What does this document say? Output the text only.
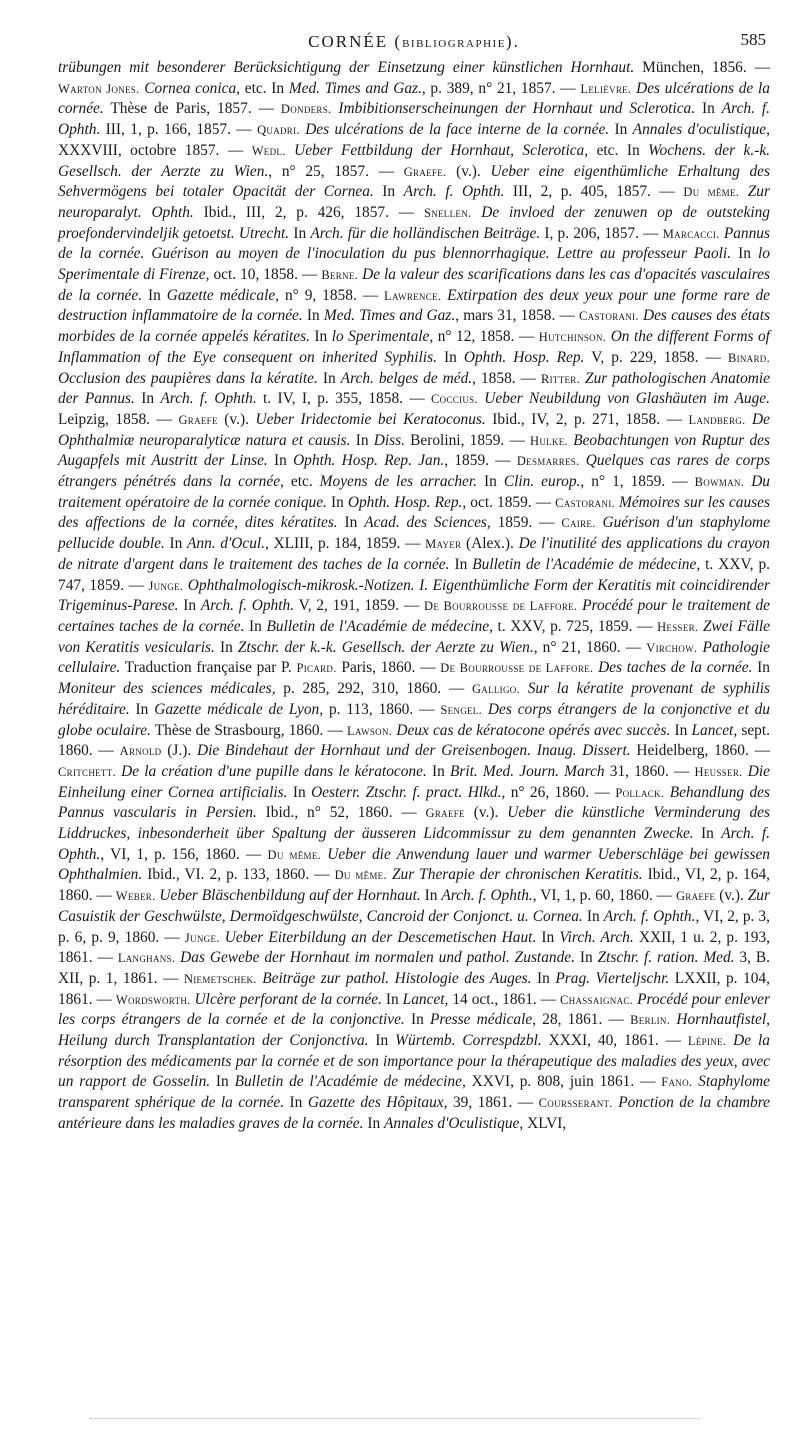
CORNÉE (BIBLIOGRAPHIE).	585
trübungen mit besonderer Berücksichtigung der Einsetzung einer künstlichen Hornhaut. München, 1856. — Warton Jones. Cornea conica, etc. In Med. Times and Gaz., p. 389, n° 21, 1857. — Lelièvre. Des ulcérations de la cornée. Thèse de Paris, 1857. — Donders. Imbibitionserscheinungen der Hornhaut und Sclerotica. In Arch. f. Ophth. III, 1, p. 166, 1857. — Quadri. Des ulcérations de la face interne de la cornée. In Annales d'oculistique, XXXVIII, octobre 1857. — Wedl. Ueber Fettbildung der Hornhaut, Sclerotica, etc. In Wochens. der k.-k. Gesellsch. der Aerzte zu Wien., n° 25, 1857. — Graefe. (v.). Ueber eine eigenthümliche Erhaltung des Sehvermögens bei totaler Opacität der Cornea. In Arch. f. Ophth. III, 2, p. 405, 1857. — Du même. Zur neuroparalyt. Ophth. Ibid., III, 2, p. 426, 1857. — Snellen. De invloed der zenuwen op de outsteking proefondervindeljik getoetst. Utrecht. In Arch. für die holländischen Beiträge. I, p. 206, 1857. — Marcacci. Pannus de la cornée. Guérison au moyen de l'inoculation du pus blennorrhagique. Lettre au professeur Paoli. In lo Sperimentale di Firenze, oct. 10, 1858. — Berne. De la valeur des scarifications dans les cas d'opacités vasculaires de la cornée. In Gazette médicale, n° 9, 1858. — Lawrence. Extirpation des deux yeux pour une forme rare de destruction inflammatoire de la cornée. In Med. Times and Gaz., mars 31, 1858. — Castorani. Des causes des états morbides de la cornée appelés kératites. In lo Sperimentale, n° 12, 1858. — Hutchinson. On the different Forms of Inflammation of the Eye consequent on inherited Syphilis. In Ophth. Hosp. Rep. V, p. 229, 1858. — Binard. Occlusion des paupières dans la kératite. In Arch. belges de méd., 1858. — Ritter. Zur pathologischen Anatomie der Pannus. In Arch. f. Ophth. t. IV, I, p. 355, 1858. — Coccius. Ueber Neubildung von Glashäuten im Auge. Leipzig, 1858. — Graefe (v.). Ueber Iridectomie bei Keratoconus. Ibid., IV, 2, p. 271, 1858. — Landberg. De Ophthalmiæ neuroparalyticæ natura et causis. In Diss. Berolini, 1859. — Hulke. Beobachtungen von Ruptur des Augapfels mit Austritt der Linse. In Ophth. Hosp. Rep. Jan., 1859. — Desmarres. Quelques cas rares de corps étrangers pénétrés dans la cornée, etc. Moyens de les arracher. In Clin. europ., n° 1, 1859. — Bowman. Du traitement opératoire de la cornée conique. In Ophth. Hosp. Rep., oct. 1859. — Castorani. Mémoires sur les causes des affections de la cornée, dites kératites. In Acad. des Sciences, 1859. — Caire. Guérison d'un staphylome pellucide double. In Ann. d'Ocul., XLIII, p. 184, 1859. — Mayer (Alex.). De l'inutilité des applications du crayon de nitrate d'argent dans le traitement des taches de la cornée. In Bulletin de l'Académie de médecine, t. XXV, p. 747, 1859. — Junge. Ophthalmologisch-mikrosk.-Notizen. I. Eigenthümliche Form der Keratitis mit coincidirender Trigeminus-Parese. In Arch. f. Ophth. V, 2, 191, 1859. — De Bourrousse de Laffore. Procédé pour le traitement de certaines taches de la cornée. In Bulletin de l'Académie de médecine, t. XXV, p. 725, 1859. — Hesser. Zwei Fälle von Keratitis vesicularis. In Ztschr. der k.-k. Gesellsch. der Aerzte zu Wien., n° 21, 1860. — Virchow. Pathologie cellulaire. Traduction française par P. Picard. Paris, 1860. — De Bourrousse de Laffore. Des taches de la cornée. In Moniteur des sciences médicales, p. 285, 292, 310, 1860. — Galligo. Sur la kératite provenant de syphilis héréditaire. In Gazette médicale de Lyon, p. 113, 1860. — Sengel. Des corps étrangers de la conjonctive et du globe oculaire. Thèse de Strasbourg, 1860. — Lawson. Deux cas de kératocone opérés avec succès. In Lancet, sept. 1860. — Arnold (J.). Die Bindehaut der Hornhaut und der Greisenbogen. Inaug. Dissert. Heidelberg, 1860. — Critchett. De la création d'une pupille dans le kératocone. In Brit. Med. Journ. March 31, 1860. — Heusser. Die Einheilung einer Cornea artificialis. In Oesterr. Ztschr. f. pract. Hlkd., n° 26, 1860. — Pollack. Behandlung des Pannus vascularis in Persien. Ibid., n° 52, 1860. — Graefe (v.). Ueber die künstliche Verminderung des Liddruckes, inbesonderheit über Spaltung der äusseren Lidcommissur zu dem genannten Zwecke. In Arch. f. Ophth., VI, 1, p. 156, 1860. — Du même. Ueber die Anwendung lauer und warmer Ueberschläge bei gewissen Ophthalmien. Ibid., VI. 2, p. 133, 1860. — Du même. Zur Therapie der chronischen Keratitis. Ibid., VI, 2, p. 164, 1860. — Weber. Ueber Bläschenbildung auf der Hornhaut. In Arch. f. Ophth., VI, 1, p. 60, 1860. — Graefe (v.). Zur Casuistik der Geschwülste, Dermoïdgeschwülste, Cancroid der Conjonct. u. Cornea. In Arch. f. Ophth., VI, 2, p. 3, p. 6, p. 9, 1860. — Junge. Ueber Eiterbildung an der Descemetischen Haut. In Virch. Arch. XXII, 1 u. 2, p. 193, 1861. — Langhans. Das Gewebe der Hornhaut im normalen und pathol. Zustande. In Ztschr. f. ration. Med. 3, B. XII, p. 1, 1861. — Niemetschek. Beiträge zur pathol. Histologie des Auges. In Prag. Vierteljschr. LXXII, p. 104, 1861. — Wordsworth. Ulcère perforant de la cornée. In Lancet, 14 oct., 1861. — Chassaignac. Procédé pour enlever les corps étrangers de la cornée et de la conjonctive. In Presse médicale, 28, 1861. — Berlin. Hornhautfistel, Heilung durch Transplantation der Conjonctiva. In Würtemb. Correspdzbl. XXXI, 40, 1861. — Lépine. De la résorption des médicaments par la cornée et de son importance pour la thérapeutique des maladies des yeux, avec un rapport de Gosselin. In Bulletin de l'Académie de médecine, XXVI, p. 808, juin 1861. — Fano. Staphylome transparent sphérique de la cornée. In Gazette des Hôpitaux, 39, 1861. — Coursserant. Ponction de la chambre antérieure dans les maladies graves de la cornée. In Annales d'Oculistique, XLVI,
